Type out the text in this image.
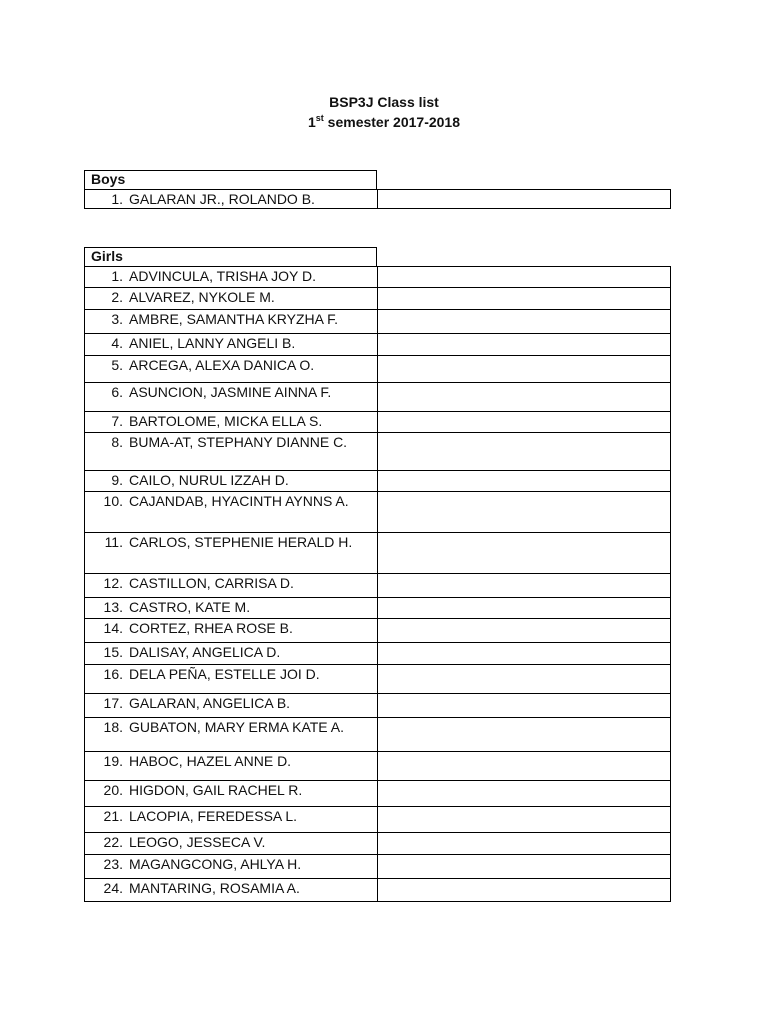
BSP3J Class list
1st semester 2017-2018
Boys
1. GALARAN JR., ROLANDO B.

Girls
1. ADVINCULA, TRISHA JOY D.	

2. ALVAREZ, NYKOLE M.	

3. AMBRE, SAMANTHA KRYZHA F.	

4. ANIEL, LANNY ANGELI B.	

5. ARCEGA, ALEXA DANICA O.	

6. ASUNCION, JASMINE AINNA F.	

7. BARTOLOME, MICKA ELLA S.	

8. BUMA-AT, STEPHANY DIANNE C.	

9. CAILO, NURUL IZZAH D.	

10. CAJANDAB, HYACINTH AYNNS A.	

11. CARLOS, STEPHENIE HERALD H.	

12. CASTILLON, CARRISA D.	

13. CASTRO, KATE M.	

14. CORTEZ, RHEA ROSE B.	

15. DALISAY, ANGELICA D.	

16. DELA PEÑA, ESTELLE JOI D.	

17. GALARAN, ANGELICA B.	

18. GUBATON, MARY ERMA KATE A.	

19. HABOC, HAZEL ANNE D.	

20. HIGDON, GAIL RACHEL R.	

21. LACOPIA, FEREDESSA L.	

22. LEOGO, JESSECA V.	

23. MAGANGCONG, AHLYA H.	

24. MANTARING, ROSAMIA A.	
